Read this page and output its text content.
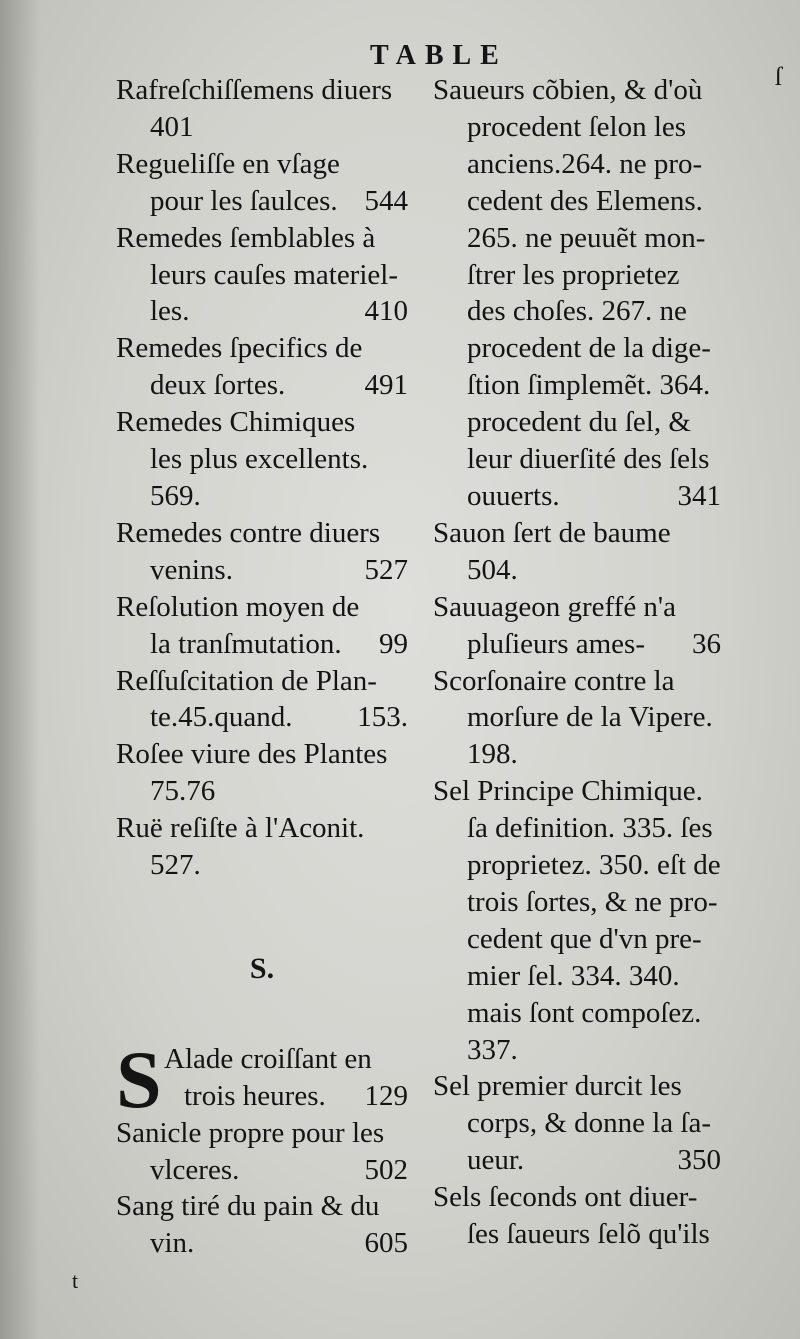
TABLE
ſ
t
Rafreſchiſſemens diuers
401
Regueliſſe en vſage
pour les ſaulces. 544
Remedes ſemblables à
leurs cauſes materiel-
les.	410
Remedes ſpecifics de
deux ſortes.	491
Remedes Chimiques
les plus excellents.
569.
Remedes contre diuers
venins.	527
Reſolution moyen de
la tranſmutation. 99
Reſſuſcitation de Plan-
te.45.quand. 153.
Roſee viure des Plantes
75.76
Ruë reſiſte à l'Aconit.
527.
S.
S Alade croiſſant en
trois heures. 129
Sanicle propre pour les
vlceres.	502
Sang tiré du pain & du
vin.	605
Saueurs cõbien, & d'où
procedent ſelon les
anciens.264. ne pro-
cedent des Elemens.
265. ne peuuẽt mon-
ſtrer les proprietez
des choſes. 267. ne
procedent de la dige-
ſtion ſimplemẽt. 364.
procedent du ſel, &
leur diuerſité des ſels
ouuerts.	341
Sauon ſert de baume
504.
Sauuageon greffé n'a
pluſieurs ames- 36
Scorſonaire contre la
morſure de la Vipere.
198.
Sel Principe Chimique.
ſa definition. 335. ſes
proprietez. 350. eſt de
trois ſortes, & ne pro-
cedent que d'vn pre-
mier ſel. 334. 340.
mais ſont compoſez.
337.
Sel premier durcit les
corps, & donne la ſa-
ueur.	350
Sels ſeconds ont diuer-
ſes ſaueurs ſelõ qu'ils
